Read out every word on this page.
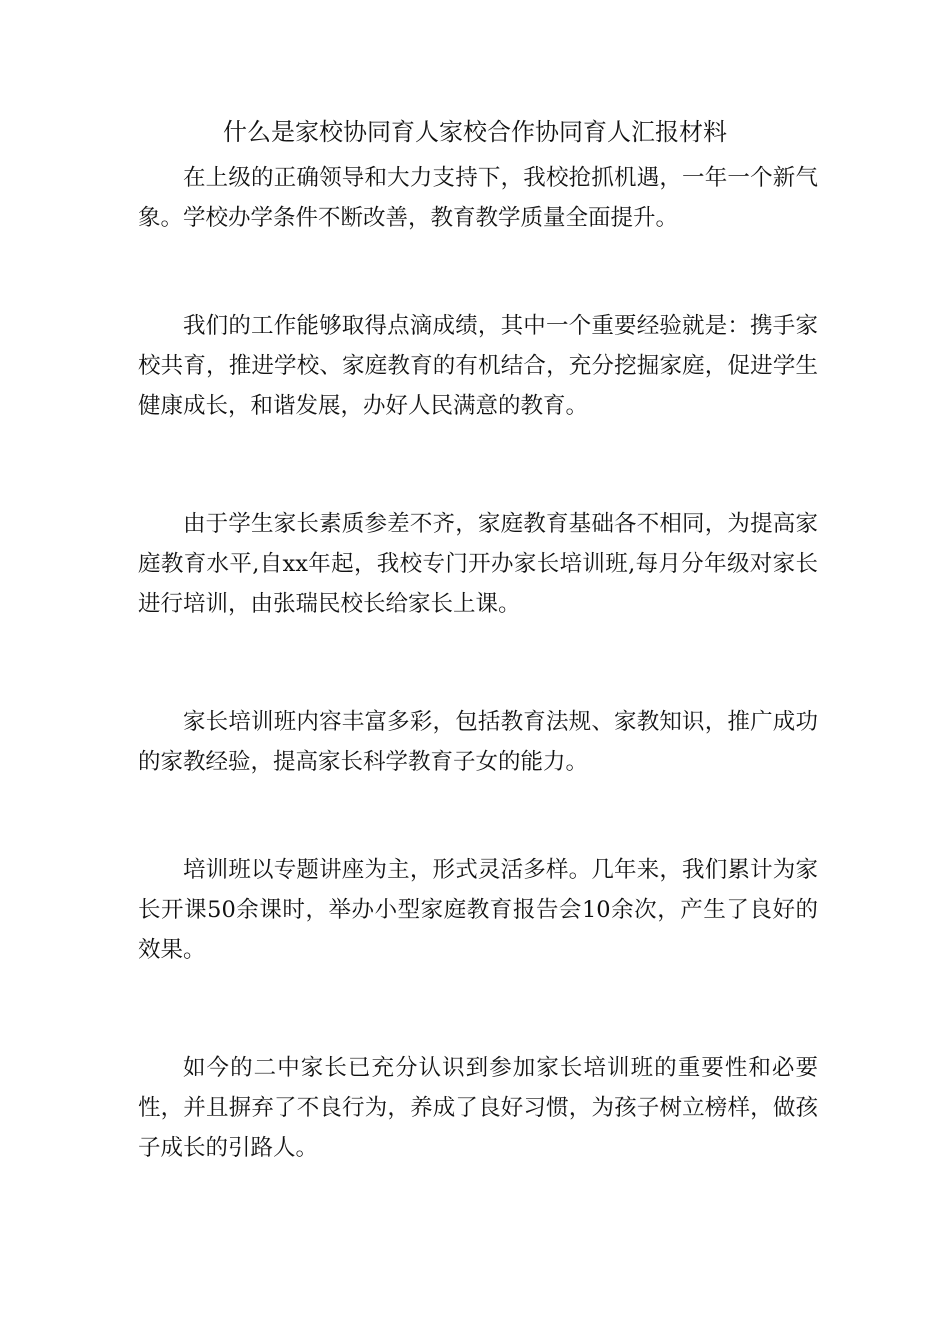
什么是家校协同育人家校合作协同育人汇报材料

在上级的正确领导和大力支持下，我校抢抓机遇，一年一个新气象。学校办学条件不断改善，教育教学质量全面提升。

我们的工作能够取得点滴成绩，其中一个重要经验就是：携手家校共育，推进学校、家庭教育的有机结合，充分挖掘家庭，促进学生健康成长，和谐发展，办好人民满意的教育。

由于学生家长素质参差不齐，家庭教育基础各不相同，为提高家庭教育水平,自xx年起，我校专门开办家长培训班,每月分年级对家长进行培训，由张瑞民校长给家长上课。

家长培训班内容丰富多彩，包括教育法规、家教知识，推广成功的家教经验，提高家长科学教育子女的能力。

培训班以专题讲座为主，形式灵活多样。几年来，我们累计为家长开课50余课时，举办小型家庭教育报告会10余次，产生了良好的效果。

如今的二中家长已充分认识到参加家长培训班的重要性和必要性，并且摒弃了不良行为，养成了良好习惯，为孩子树立榜样，做孩子成长的引路人。
